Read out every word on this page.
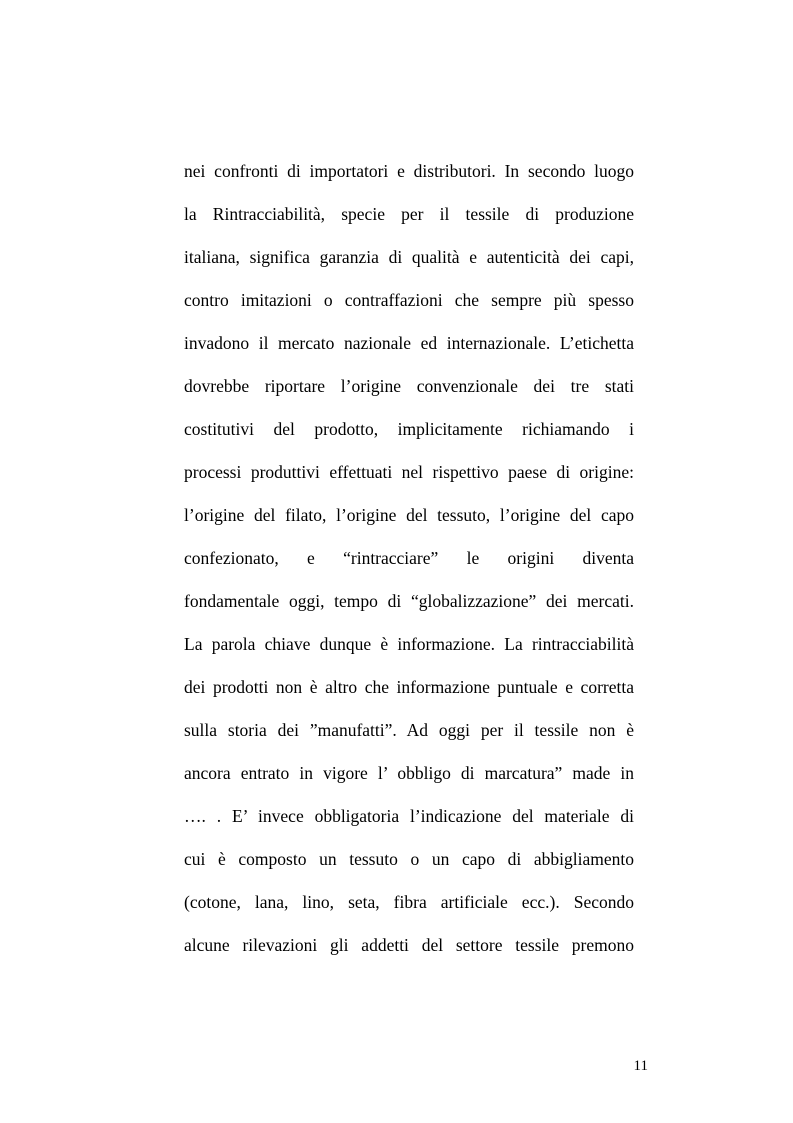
nei confronti di importatori e distributori. In secondo luogo
la Rintracciabilità, specie per il tessile di produzione
italiana, significa garanzia di qualità e autenticità dei capi,
contro imitazioni o contraffazioni che sempre più spesso
invadono il mercato nazionale ed internazionale. L’etichetta
dovrebbe riportare l’origine convenzionale dei tre stati
costitutivi del prodotto, implicitamente richiamando i
processi produttivi effettuati nel rispettivo paese di origine:
l’origine del filato, l’origine del tessuto, l’origine del capo
confezionato, e “rintracciare” le origini diventa
fondamentale oggi, tempo di “globalizzazione” dei mercati.
La parola chiave dunque è informazione. La rintracciabilità
dei prodotti non è altro che informazione puntuale e corretta
sulla storia dei ”manufatti”. Ad oggi per il tessile non è
ancora entrato in vigore l’ obbligo di marcatura” made in
…. . E’ invece obbligatoria l’indicazione del materiale di
cui è composto un tessuto o un capo di abbigliamento
(cotone, lana, lino, seta, fibra artificiale ecc.). Secondo
alcune rilevazioni gli addetti del settore tessile premono
11
